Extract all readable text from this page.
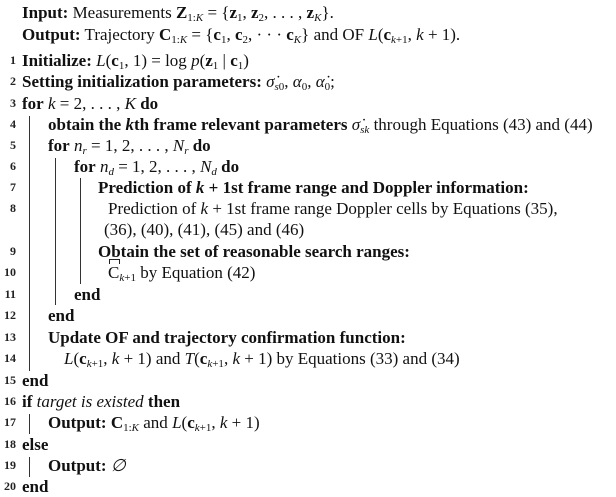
Input: Measurements $Z_{1:K} = \{z_1$, $z_2$, . . . , $z_K$}.
Output: Trajectory $C_{1:K} = \{c_1$, $c_2$, · · · $c_K$} and OF $L(c_{k+1}$, k + 1).
1 Initialize: $L(c_1$, $1) = \log p(z_1$ | $c_1$)
2 Setting initialization parameters: $\sigmȧ_{s0}$, $\alpha_0$, $\alphȧ_0$;
3 for k = 2, . . . , K do
4 obtain the kth frame relevant parameters $\sigmȧ_{sk}$ through Equations (43) and (44)
5 for $n_r = 1$, 2, . . . , $N_r$ do
6	for $n_d = 1$, 2, . . . , $N_d$ do
7	Prediction of k + 1st frame range and Doppler information:
8	Prediction of k + 1st frame range Doppler cells by Equations (35),
(36), (40), (41), (45) and (46)
9	Obtain the set of reasonable search ranges:
10	$C_{k+1}$ by Equation (42)
11	end
12 end
13 Update OF and trajectory confirmation function:
14	$L(c_{k+1}$, k + 1) and $T(c_{k+1}$, k + 1) by Equations (33) and (34)
15 end
16 if target is existed then
17 Output: $C_{1:K}$ and $L(c_{k+1}$, k + 1)
18 else
19 Output: ∅
20 end
